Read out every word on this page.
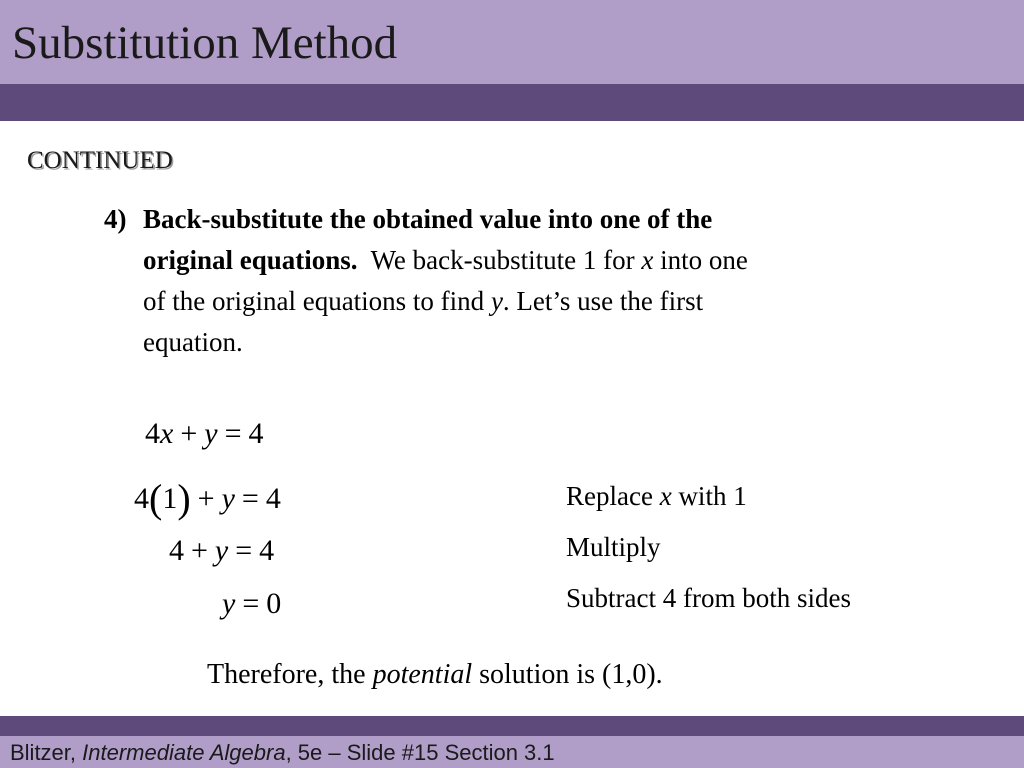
Substitution Method
CONTINUED
4) Back-substitute the obtained value into one of the
original equations. We back-substitute 1 for x into one
of the original equations to find y. Let’s use the first
equation.
4x + y = 4
4(1) + y = 4
4 + y = 4
y = 0
Replace x with 1
Multiply
Subtract 4 from both sides
Therefore, the potential solution is (1,0).
Blitzer, Intermediate Algebra, 5e – Slide #15 Section 3.1
